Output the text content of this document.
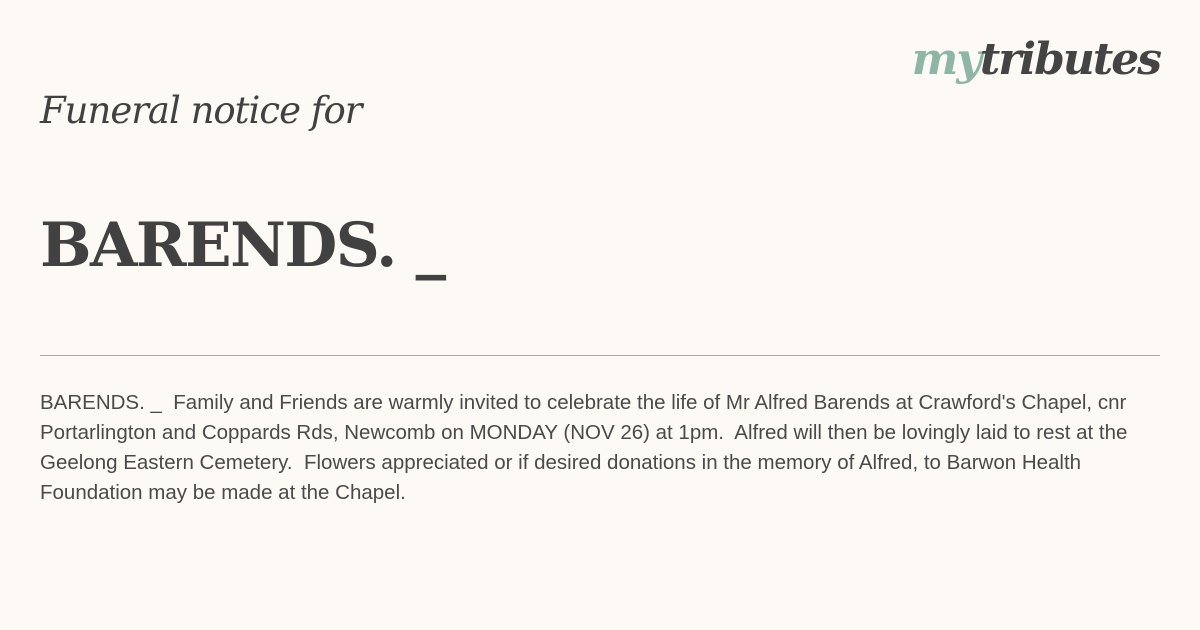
mytributes
Funeral notice for
BARENDS. _

BARENDS. _  Family and Friends are warmly invited to celebrate the life of Mr Alfred Barends at Crawford's Chapel, cnr Portarlington and Coppards Rds, Newcomb on MONDAY (NOV 26) at 1pm.  Alfred will then be lovingly laid to rest at the Geelong Eastern Cemetery.  Flowers appreciated or if desired donations in the memory of Alfred, to Barwon Health Foundation may be made at the Chapel.
